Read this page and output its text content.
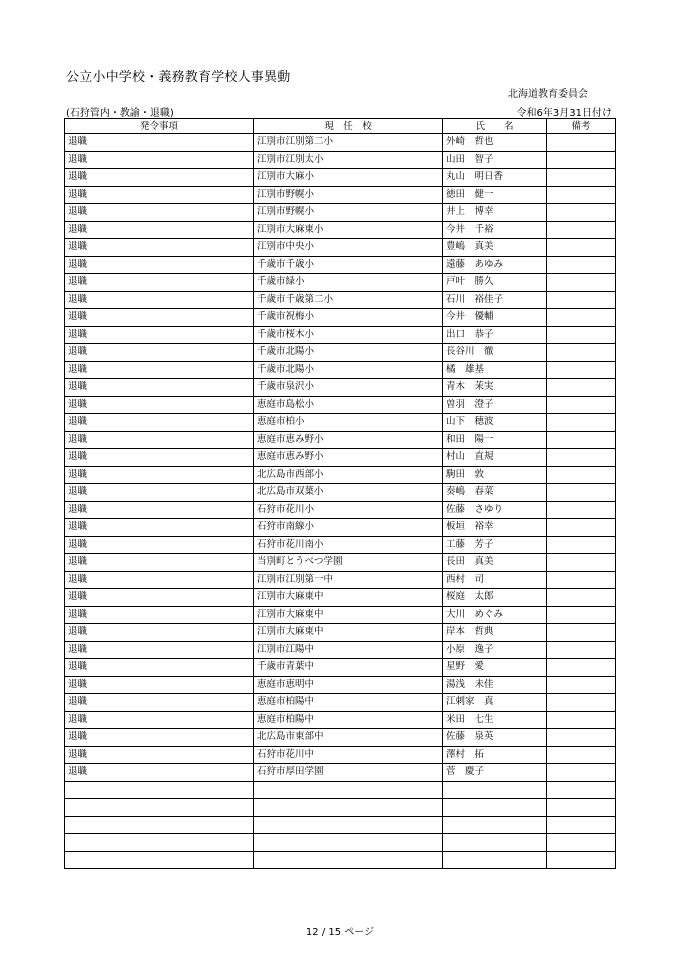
公立小中学校・義務教育学校人事異動
北海道教育委員会
(石狩管内・教諭・退職)	令和6年3月31日付け
発令事項	現　任　校	氏　　名	備考
退職	江別市江別第二小	外崎　哲也	
退職	江別市江別太小	山田　智子	
退職	江別市大麻小	丸山　明日香	
退職	江別市野幌小	徳田　健一	
退職	江別市野幌小	井上　博幸	
退職	江別市大麻東小	今井　千裕	
退職	江別市中央小	豊嶋　真美	
退職	千歳市千歳小	遠藤　あゆみ	
退職	千歳市緑小	戸叶　勝久	
退職	千歳市千歳第二小	石川　裕佳子	
退職	千歳市祝梅小	今井　優輔	
退職	千歳市桜木小	出口　恭子	
退職	千歳市北陽小	長谷川　徹	
退職	千歳市北陽小	橘　雄基	
退職	千歳市泉沢小	青木　茉実	
退職	恵庭市島松小	曽羽　澄子	
退職	恵庭市柏小	山下　穂波	
退職	恵庭市恵み野小	和田　陽一	
退職	恵庭市恵み野小	村山　直規	
退職	北広島市西部小	駒田　敦	
退職	北広島市双葉小	奏嶋　春菜	
退職	石狩市花川小	佐藤　さゆり	
退職	石狩市南線小	板垣　裕幸	
退職	石狩市花川南小	工藤　芳子	
退職	当別町とうべつ学園	長田　真美	
退職	江別市江別第一中	西村　司	
退職	江別市大麻東中	桜庭　太郎	
退職	江別市大麻東中	大川　めぐみ	
退職	江別市大麻東中	岸本　哲典	
退職	江別市江陽中	小原　逸子	
退職	千歳市青葉中	星野　愛	
退職	恵庭市恵明中	湯浅　未佳	
退職	恵庭市柏陽中	江刺家　真	
退職	恵庭市柏陽中	米田　七生	
退職	北広島市東部中	佐藤　泉英	
退職	石狩市花川中	澤村　拓	
退職	石狩市厚田学園	菅　慶子	

12 / 15 ページ
